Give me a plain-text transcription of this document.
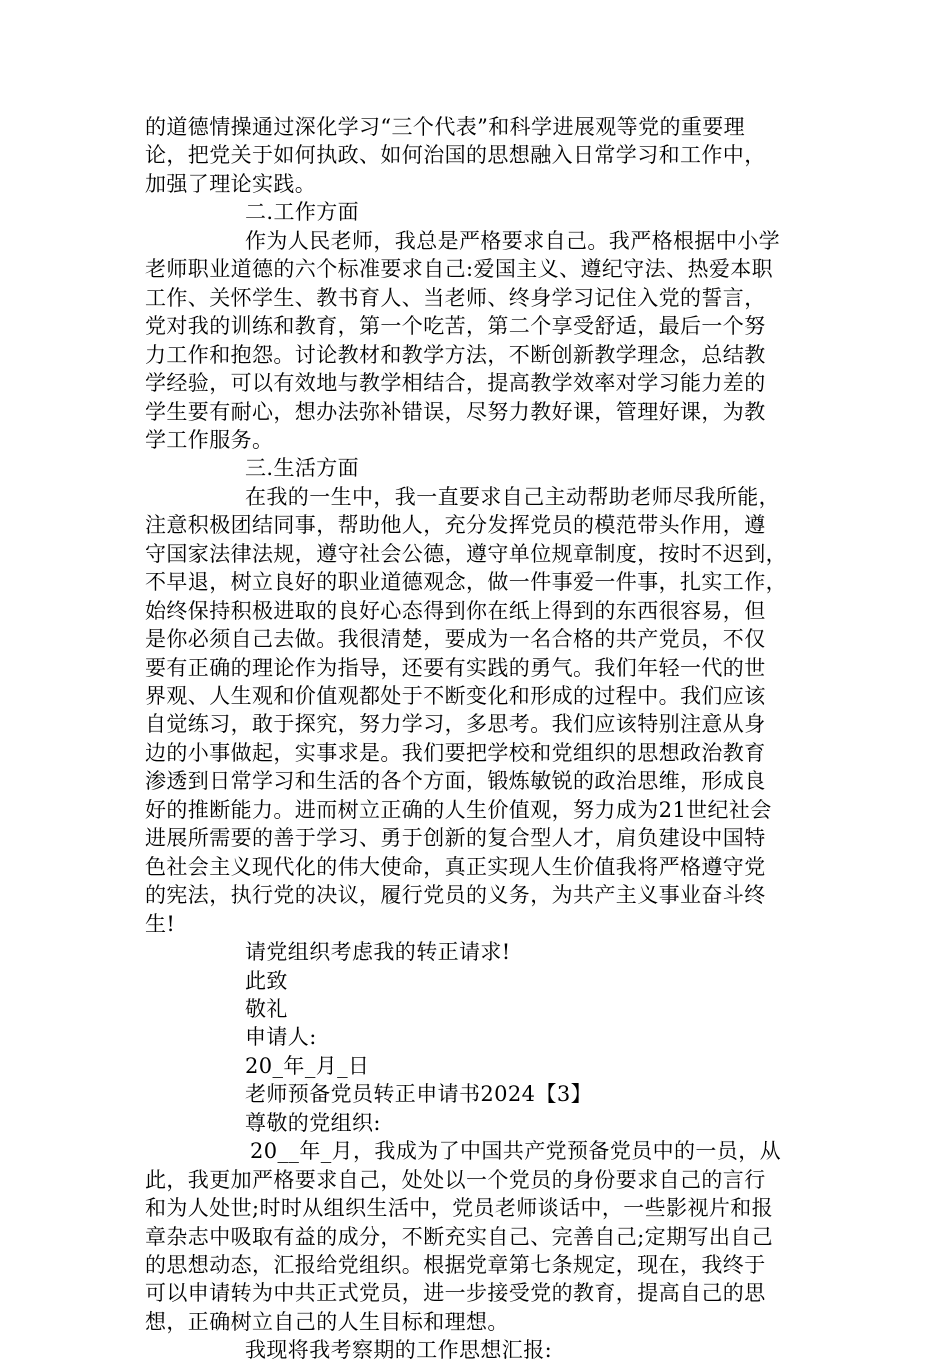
的道德情操通过深化学习“三个代表”和科学进展观等党的重要理
论，把党关于如何执政、如何治国的思想融入日常学习和工作中，
加强了理论实践。
二.工作方面
作为人民老师，我总是严格要求自己。我严格根据中小学
老师职业道德的六个标准要求自己:爱国主义、遵纪守法、热爱本职
工作、关怀学生、教书育人、当老师、终身学习记住入党的誓言，
党对我的训练和教育，第一个吃苦，第二个享受舒适，最后一个努
力工作和抱怨。讨论教材和教学方法，不断创新教学理念，总结教
学经验，可以有效地与教学相结合，提高教学效率对学习能力差的
学生要有耐心，想办法弥补错误，尽努力教好课，管理好课，为教
学工作服务。
三.生活方面
在我的一生中，我一直要求自己主动帮助老师尽我所能，
注意积极团结同事，帮助他人，充分发挥党员的模范带头作用，遵
守国家法律法规，遵守社会公德，遵守单位规章制度，按时不迟到，
不早退，树立良好的职业道德观念，做一件事爱一件事，扎实工作，
始终保持积极进取的良好心态得到你在纸上得到的东西很容易，但
是你必须自己去做。我很清楚，要成为一名合格的共产党员，不仅
要有正确的理论作为指导，还要有实践的勇气。我们年轻一代的世
界观、人生观和价值观都处于不断变化和形成的过程中。我们应该
自觉练习，敢于探究，努力学习，多思考。我们应该特别注意从身
边的小事做起，实事求是。我们要把学校和党组织的思想政治教育
渗透到日常学习和生活的各个方面，锻炼敏锐的政治思维，形成良
好的推断能力。进而树立正确的人生价值观，努力成为21世纪社会
进展所需要的善于学习、勇于创新的复合型人才，肩负建设中国特
色社会主义现代化的伟大使命，真正实现人生价值我将严格遵守党
的宪法，执行党的决议，履行党员的义务，为共产主义事业奋斗终
生!
请党组织考虑我的转正请求!
此致
敬礼
申请人:
20_年_月_日
老师预备党员转正申请书2024【3】
尊敬的党组织:
20__年_月，我成为了中国共产党预备党员中的一员，从
此，我更加严格要求自己，处处以一个党员的身份要求自己的言行
和为人处世;时时从组织生活中，党员老师谈话中，一些影视片和报
章杂志中吸取有益的成分，不断充实自己、完善自己;定期写出自己
的思想动态，汇报给党组织。根据党章第七条规定，现在，我终于
可以申请转为中共正式党员，进一步接受党的教育，提高自己的思
想，正确树立自己的人生目标和理想。
我现将我考察期的工作思想汇报:
